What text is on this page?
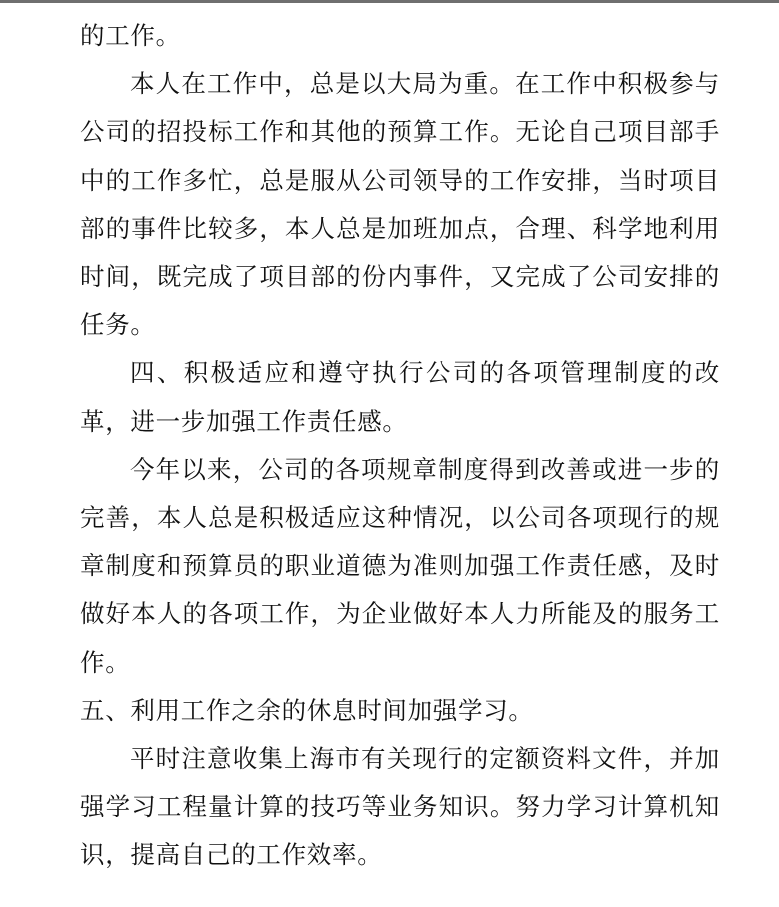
的工作。

本人在工作中，总是以大局为重。在工作中积极参与公司的招投标工作和其他的预算工作。无论自己项目部手中的工作多忙，总是服从公司领导的工作安排，当时项目部的事件比较多，本人总是加班加点，合理、科学地利用时间，既完成了项目部的份内事件，又完成了公司安排的任务。

四、积极适应和遵守执行公司的各项管理制度的改革，进一步加强工作责任感。

今年以来，公司的各项规章制度得到改善或进一步的完善，本人总是积极适应这种情况，以公司各项现行的规章制度和预算员的职业道德为准则加强工作责任感，及时做好本人的各项工作，为企业做好本人力所能及的服务工作。

五、利用工作之余的休息时间加强学习。

平时注意收集上海市有关现行的定额资料文件，并加强学习工程量计算的技巧等业务知识。努力学习计算机知识，提高自己的工作效率。
